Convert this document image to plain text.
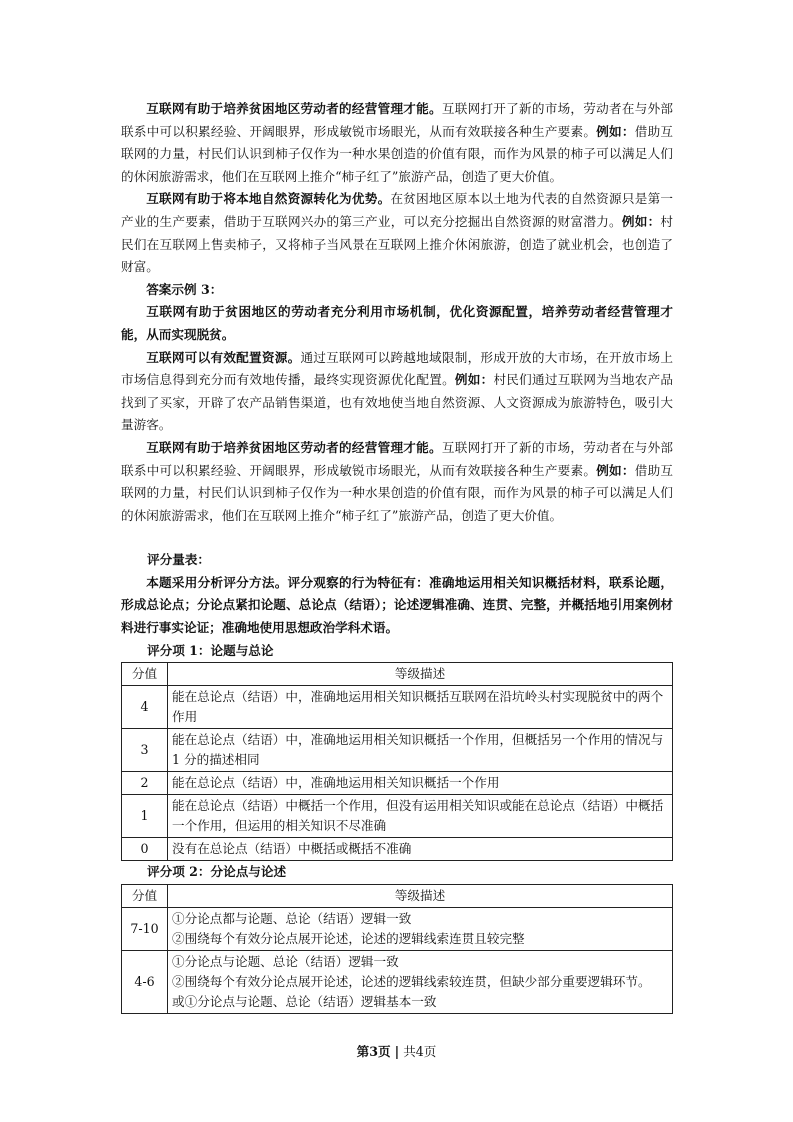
互联网有助于培养贫困地区劳动者的经营管理才能。互联网打开了新的市场，劳动者在与外部联系中可以积累经验、开阔眼界，形成敏锐市场眼光，从而有效联接各种生产要素。例如：借助互联网的力量，村民们认识到柿子仅作为一种水果创造的价值有限，而作为风景的柿子可以满足人们的休闲旅游需求，他们在互联网上推介“柿子红了”旅游产品，创造了更大价值。

互联网有助于将本地自然资源转化为优势。在贫困地区原本以土地为代表的自然资源只是第一产业的生产要素，借助于互联网兴办的第三产业，可以充分挖掘出自然资源的财富潜力。例如：村民们在互联网上售卖柿子，又将柿子当风景在互联网上推介休闲旅游，创造了就业机会，也创造了财富。

答案示例 3：

互联网有助于贫困地区的劳动者充分利用市场机制，优化资源配置，培养劳动者经营管理才能，从而实现脱贫。

互联网可以有效配置资源。通过互联网可以跨越地域限制，形成开放的大市场，在开放市场上市场信息得到充分而有效地传播，最终实现资源优化配置。例如：村民们通过互联网为当地农产品找到了买家，开辟了农产品销售渠道，也有效地使当地自然资源、人文资源成为旅游特色，吸引大量游客。

互联网有助于培养贫困地区劳动者的经营管理才能。互联网打开了新的市场，劳动者在与外部联系中可以积累经验、开阔眼界，形成敏锐市场眼光，从而有效联接各种生产要素。例如：借助互联网的力量，村民们认识到柿子仅作为一种水果创造的价值有限，而作为风景的柿子可以满足人们的休闲旅游需求，他们在互联网上推介“柿子红了”旅游产品，创造了更大价值。

评分量表：

本题采用分析评分方法。评分观察的行为特征有：准确地运用相关知识概括材料，联系论题，形成总论点；分论点紧扣论题、总论点（结语）；论述逻辑准确、连贯、完整，并概括地引用案例材料进行事实论证；准确地使用思想政治学科术语。

评分项 1：论题与总论

分值	等级描述
4	能在总论点（结语）中，准确地运用相关知识概括互联网在沿坑岭头村实现脱贫中的两个作用
3	能在总论点（结语）中，准确地运用相关知识概括一个作用，但概括另一个作用的情况与 1 分的描述相同
2	能在总论点（结语）中，准确地运用相关知识概括一个作用
1	能在总论点（结语）中概括一个作用，但没有运用相关知识或能在总论点（结语）中概括一个作用，但运用的相关知识不尽准确
0	没有在总论点（结语）中概括或概括不准确

评分项 2：分论点与论述

分值	等级描述
7-10	①分论点都与论题、总论（结语）逻辑一致
②围绕每个有效分论点展开论述，论述的逻辑线索连贯且较完整

4-6	①分论点与论题、总论（结语）逻辑一致
②围绕每个有效分论点展开论述，论述的逻辑线索较连贯，但缺少部分重要逻辑环节。
或①分论点与论题、总论（结语）逻辑基本一致
第3页 | 共4页
